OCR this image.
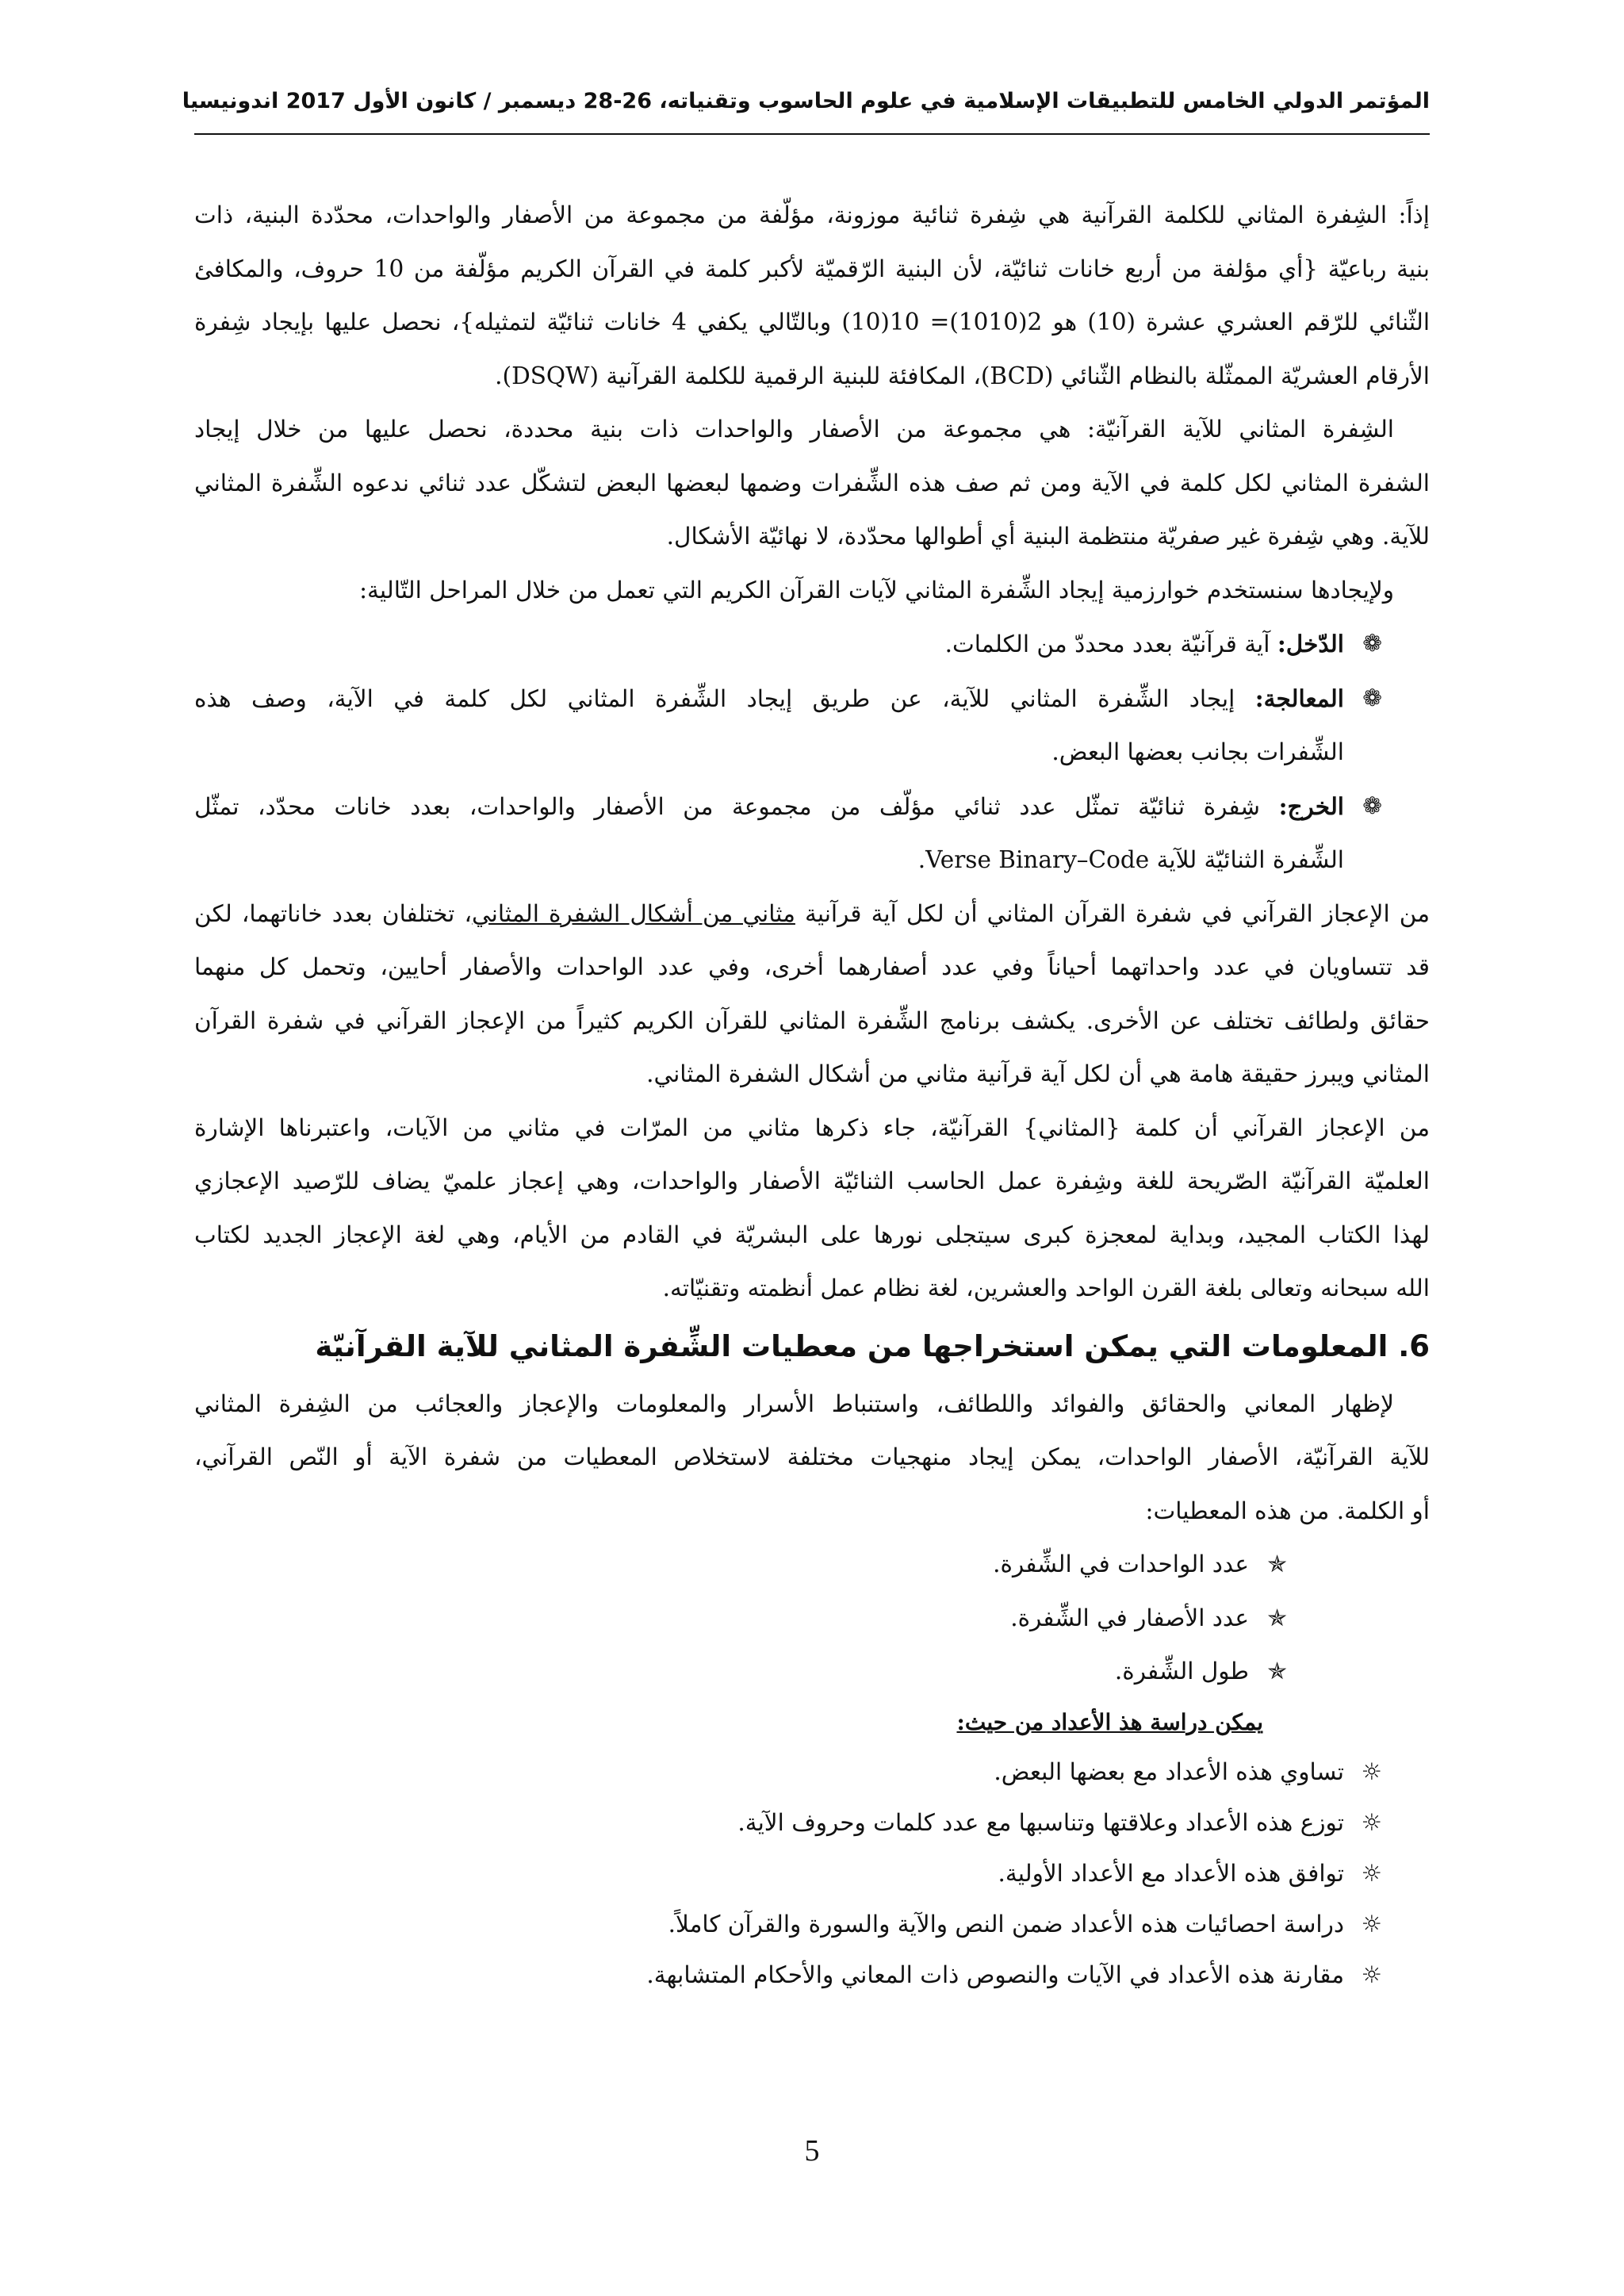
المؤتمر الدولي الخامس للتطبيقات الإسلامية في علوم الحاسوب وتقنياته، 26-28 ديسمبر / كانون الأول 2017 اندونيسيا

إذاً: الشِفرة المثاني للكلمة القرآنية هي شِفرة ثنائية موزونة، مؤلّفة من مجموعة من الأصفار والواحدات، محدّدة البنية، ذات
بنية رباعيّة {أي مؤلفة من أربع خانات ثنائيّة، لأن البنية الرّقميّة لأكبر كلمة في القرآن الكريم مؤلّفة من 10 حروف، والمكافئ
الثّنائي للرّقم العشري عشرة (10) هو 2(1010)= 10(10) وبالتّالي يكفي 4 خانات ثنائيّة لتمثيله}، نحصل عليها بإيجاد شِفرة
الأرقام العشريّة الممثّلة بالنظام الثّنائي (BCD)، المكافئة للبنية الرقمية للكلمة القرآنية (DSQW).

الشِفرة المثاني للآية القرآنيّة: هي مجموعة من الأصفار والواحدات ذات بنية محددة، نحصل عليها من خلال إيجاد
الشفرة المثاني لكل كلمة في الآية ومن ثم صف هذه الشِّفرات وضمها لبعضها البعض لتشكّل عدد ثنائي ندعوه الشِّفرة المثاني
للآية. وهي شِفرة غير صفريّة منتظمة البنية أي أطوالها محدّدة، لا نهائيّة الأشكال.

ولإيجادها سنستخدم خوارزمية إيجاد الشِّفرة المثاني لآيات القرآن الكريم التي تعمل من خلال المراحل التّالية:

❁
الدّخل: آية قرآنيّة بعدد محددّ من الكلمات.
❁
المعالجة: إيجاد الشِّفرة المثاني للآية، عن طريق إيجاد الشِّفرة المثاني لكل كلمة في الآية، وصف هذه
الشِّفرات بجانب بعضها البعض.
❁
الخرج: شِفرة ثنائيّة تمثّل عدد ثنائي مؤلّف من مجموعة من الأصفار والواحدات، بعدد خانات محدّد، تمثّل
الشِّفرة الثنائيّة للآية Verse Binary–Code.

من الإعجاز القرآني في شفرة القرآن المثاني أن لكل آية قرآنية مثاني من أشكال الشفرة المثاني، تختلفان بعدد خاناتهما، لكن
قد تتساويان في عدد واحداتهما أحياناً وفي عدد أصفارهما أخرى، وفي عدد الواحدات والأصفار أحايين، وتحمل كل منهما
حقائق ولطائف تختلف عن الأخرى. يكشف برنامج الشِّفرة المثاني للقرآن الكريم كثيراً من الإعجاز القرآني في شفرة القرآن
المثاني ويبرز حقيقة هامة هي أن لكل آية قرآنية مثاني من أشكال الشفرة المثاني.

من الإعجاز القرآني أن كلمة {المثاني} القرآنيّة، جاء ذكرها مثاني من المرّات في مثاني من الآيات، واعتبرناها الإشارة
العلميّة القرآنيّة الصّريحة للغة وشِفرة عمل الحاسب الثنائيّة الأصفار والواحدات، وهي إعجاز علميّ يضاف للرّصيد الإعجازي
لهذا الكتاب المجيد، وبداية لمعجزة كبرى سيتجلى نورها على البشريّة في القادم من الأيام، وهي لغة الإعجاز الجديد لكتاب
الله سبحانه وتعالى بلغة القرن الواحد والعشرين، لغة نظام عمل أنظمته وتقنيّاته.

6. المعلومات التي يمكن استخراجها من معطيات الشِّفرة المثاني للآية القرآنيّة

لإظهار المعاني والحقائق والفوائد واللطائف، واستنباط الأسرار والمعلومات والإعجاز والعجائب من الشِفرة المثاني
للآية القرآنيّة، الأصفار الواحدات، يمكن إيجاد منهجيات مختلفة لاستخلاص المعطيات من شفرة الآية أو النّص القرآني،
أو الكلمة. من هذه المعطيات:

✯
عدد الواحدات في الشِّفرة.
✯
عدد الأصفار في الشِّفرة.
✯
طول الشِّفرة.
يمكن دراسة هذ الأعداد من حيث:
☼
تساوي هذه الأعداد مع بعضها البعض.
☼
توزع هذه الأعداد وعلاقتها وتناسبها مع عدد كلمات وحروف الآية.
☼
توافق هذه الأعداد مع الأعداد الأولية.
☼
دراسة احصائيات هذه الأعداد ضمن النص والآية والسورة والقرآن كاملاً.
☼
مقارنة هذه الأعداد في الآيات والنصوص ذات المعاني والأحكام المتشابهة.
5
